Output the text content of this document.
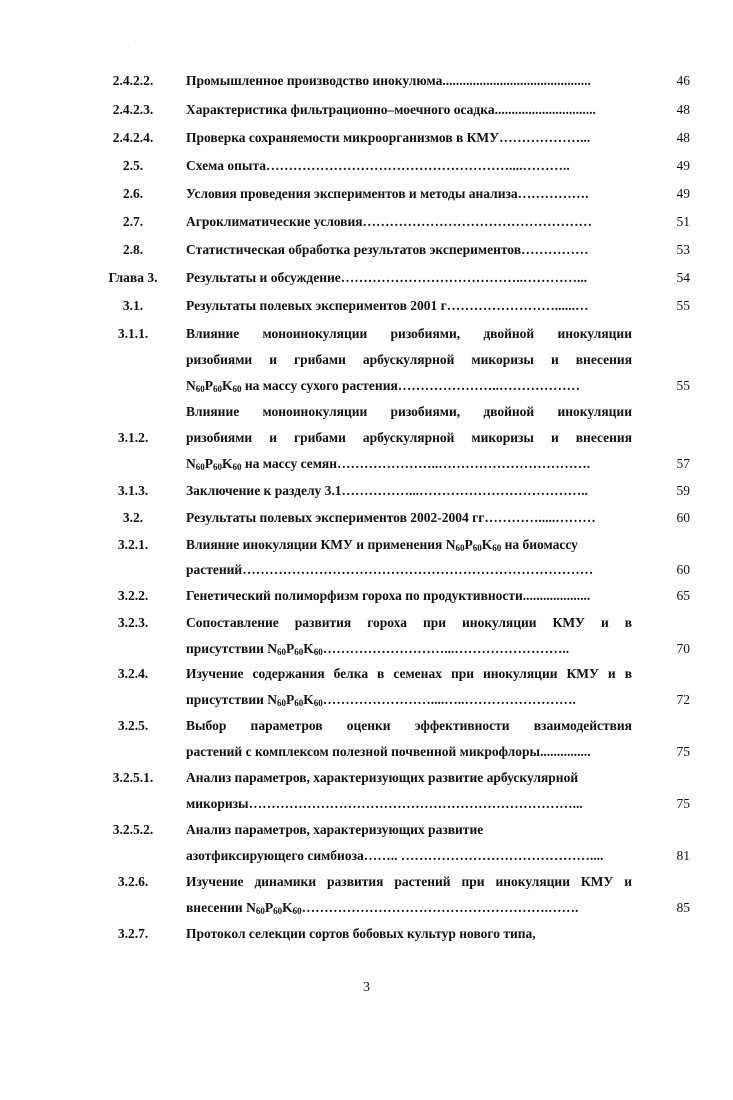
·
2.4.2.2.	Промышленное производство инокулюма............................................	46
2.4.2.3.	Характеристика фильтрационно–моечного осадка..............................	48
2.4.2.4.	Проверка сохраняемости микроорганизмов в КМУ………………...	48
2.5.	Схема опыта………………………………………………....………..	49
2.6.	Условия проведения экспериментов и методы анализа…………….	49
2.7.	Агроклиматические условия……………………………………………	51
2.8.	Статистическая обработка результатов экспериментов……………	53
Глава 3.	Результаты и обсуждение…………………………………..…………...	54
3.1.	Результаты полевых экспериментов 2001 г……………………......…	55
3.1.1.	Влияние моноинокуляции ризобиями, двойной инокуляции
ризобиями и грибами арбускулярной микоризы и внесения
$N_{60}P_{60}K_{60}$ на массу сухого растения…………………..………………	55
Влияние моноинокуляции ризобиями, двойной инокуляции
3.1.2.	ризобиями и грибами арбускулярной микоризы и внесения
$N_{60}P_{60}K_{60}$ на массу семян…………………..…………………………….	57
3.1.3.	Заключение к разделу 3.1……………...………………………………..	59
3.2.	Результаты полевых экспериментов 2002-2004 гг………….....………	60
3.2.1.	Влияние инокуляции КМУ и применения $N_{60}P_{60}K_{60}$ на биомассу
растений……………………………………………………………………	60
3.2.2.	Генетический полиморфизм гороха по продуктивности....................	65
3.2.3.	Сопоставление развития гороха при инокуляции КМУ и в
присутствии $N_{60}P_{60}K_{60}\dots\dots\dots\dots\dots\dots\dots\dots\dots...\dots\dots\dots\dots\dots\dots\dots\dots$..	70
3.2.4.	Изучение содержания белка в семенах при инокуляции КМУ и в
присутствии $N_{60}P_{60}K_{60}\dots\dots\dots\dots\dots\dots\dots\dots....\dots..\dots\dots\dots\dots\dots\dots\dots\dots$.	72
3.2.5.	Выбор параметров оценки эффективности взаимодействия
растений с комплексом полезной почвенной микрофлоры...............	75
3.2.5.1.	Анализ параметров, характеризующих развитие арбускулярной
микоризы………………………………………………………………...	75
3.2.5.2.	Анализ параметров, характеризующих развитие
азотфиксирующего симбиоза…….. ……………………………………....	81
3.2.6.	Изучение динамики развития растений при инокуляции КМУ и
внесении $N_{60}P_{60}K_{60}\dots\dots\dots\dots\dots\dots\dots\dots\dots\dots\dots\dots\dots\dots\dots\dots\dots\dots.\dots\dots$.	85
3.2.7.	Протокол селекции сортов бобовых культур нового типа,
3
